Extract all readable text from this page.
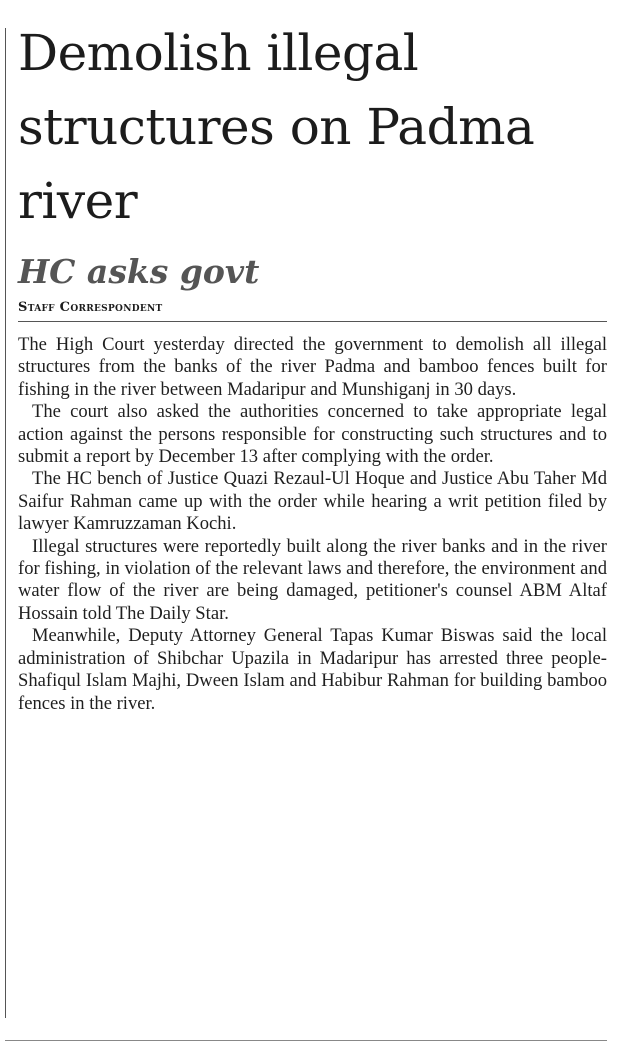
Demolish illegal structures on Padma river
HC asks govt
Staff Correspondent

The High Court yesterday directed the government to demolish all illegal structures from the banks of the river Padma and bamboo fences built for fishing in the river between Madaripur and Munshiganj in 30 days.

The court also asked the authorities concerned to take appropriate legal action against the persons responsible for constructing such structures and to submit a report by December 13 after complying with the order.

The HC bench of Justice Quazi Rezaul-Ul Hoque and Justice Abu Taher Md Saifur Rahman came up with the order while hearing a writ petition filed by lawyer Kamruzzaman Kochi.

Illegal structures were reportedly built along the river banks and in the river for fishing, in violation of the relevant laws and therefore, the environment and water flow of the river are being damaged, petitioner's counsel ABM Altaf Hossain told The Daily Star.

Meanwhile, Deputy Attorney General Tapas Kumar Biswas said the local administration of Shibchar Upazila in Madaripur has arrested three people- Shafiqul Islam Majhi, Dween Islam and Habibur Rahman for building bamboo fences in the river.
